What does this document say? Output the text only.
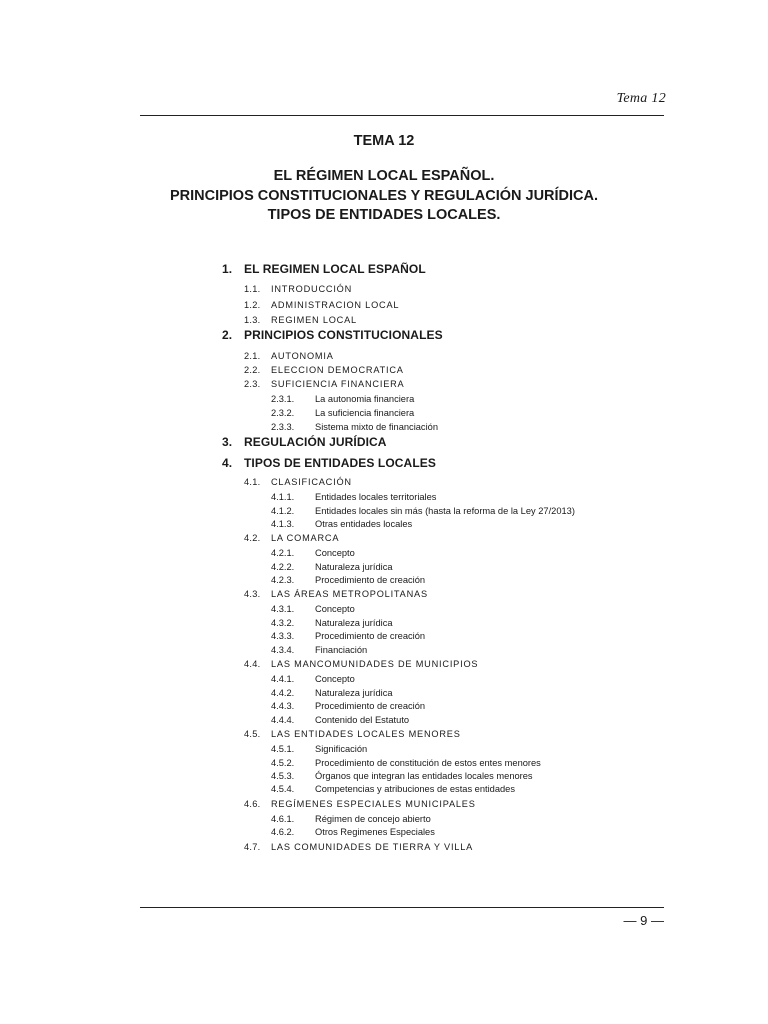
Tema 12
TEMA 12
EL RÉGIMEN LOCAL ESPAÑOL.
PRINCIPIOS CONSTITUCIONALES Y REGULACIÓN JURÍDICA.
TIPOS DE ENTIDADES LOCALES.
1. EL REGIMEN LOCAL ESPAÑOL
1.1. INTRODUCCIÓN
1.2. ADMINISTRACION LOCAL
1.3. REGIMEN LOCAL
2. PRINCIPIOS CONSTITUCIONALES
2.1. AUTONOMIA
2.2. ELECCION DEMOCRATICA
2.3. SUFICIENCIA FINANCIERA
2.3.1. La autonomia financiera
2.3.2. La suficiencia financiera
2.3.3. Sistema mixto de financiación
3. REGULACIÓN JURÍDICA
4. TIPOS DE ENTIDADES LOCALES
4.1. CLASIFICACIÓN
4.1.1. Entidades locales territoriales
4.1.2. Entidades locales sin más (hasta la reforma de la Ley 27/2013)
4.1.3. Otras entidades locales
4.2. LA COMARCA
4.2.1. Concepto
4.2.2. Naturaleza jurídica
4.2.3. Procedimiento de creación
4.3. LAS ÁREAS METROPOLITANAS
4.3.1. Concepto
4.3.2. Naturaleza jurídica
4.3.3. Procedimiento de creación
4.3.4. Financiación
4.4. LAS MANCOMUNIDADES DE MUNICIPIOS
4.4.1. Concepto
4.4.2. Naturaleza jurídica
4.4.3. Procedimiento de creación
4.4.4. Contenido del Estatuto
4.5. LAS ENTIDADES LOCALES MENORES
4.5.1. Significación
4.5.2. Procedimiento de constitución de estos entes menores
4.5.3. Órganos que integran las entidades locales menores
4.5.4. Competencias y atribuciones de estas entidades
4.6. REGÍMENES ESPECIALES MUNICIPALES
4.6.1. Régimen de concejo abierto
4.6.2. Otros Regimenes Especiales
4.7. LAS COMUNIDADES DE TIERRA Y VILLA
— 9 —
